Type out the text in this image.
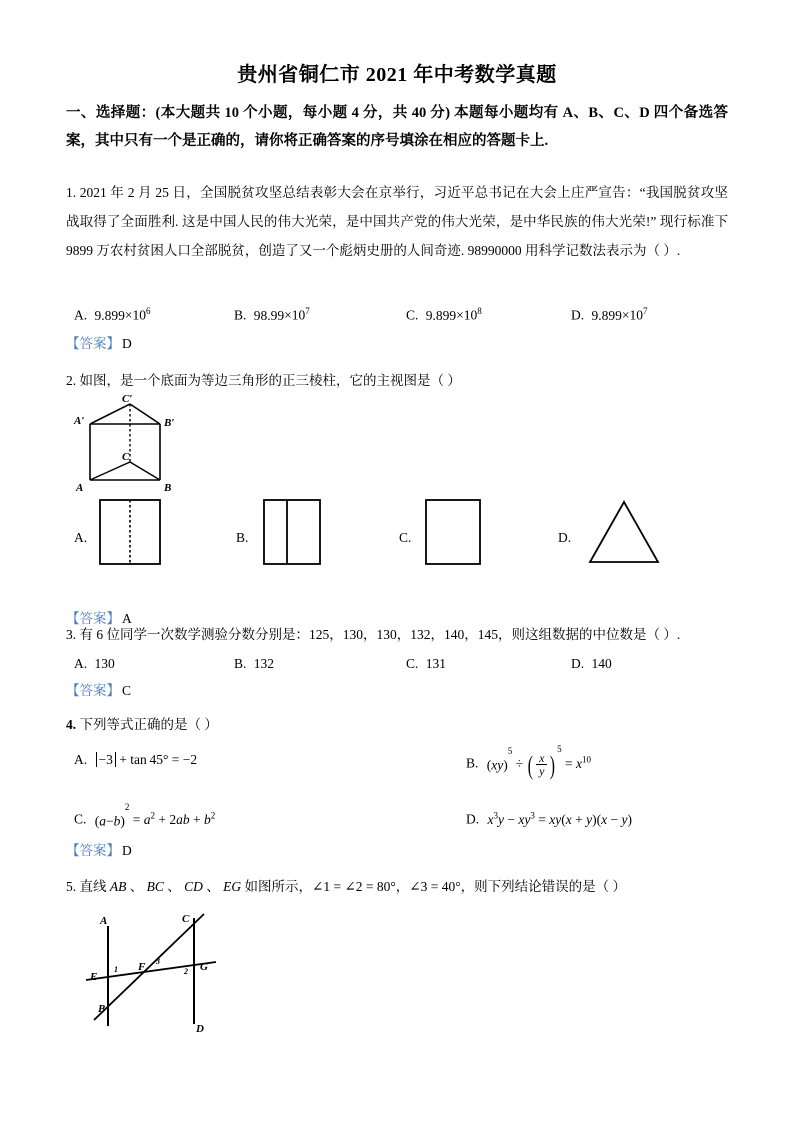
贵州省铜仁市 2021 年中考数学真题
一、选择题：(本大题共 10 个小题，每小题 4 分，共 40 分) 本题每小题均有 A、B、C、D 四个备选答案，其中只有一个是正确的，请你将正确答案的序号填涂在相应的答题卡上.
1. 2021 年 2 月 25 日，全国脱贫攻坚总结表彰大会在京举行，习近平总书记在大会上庄严宣告：“我国脱贫攻坚战取得了全面胜利. 这是中国人民的伟大光荣，是中国共产党的伟大光荣，是中华民族的伟大光荣!” 现行标准下 9899 万农村贫困人口全部脱贫，创造了又一个彪炳史册的人间奇迹. 98990000 用科学记数法表示为（ ）.
A. $9.899\times 10^6$	B. $98.99\times 10^7$	C. $9.899\times 10^8$	D. $9.899\times 10^7$
【答案】 D
2. 如图，是一个底面为等边三角形的正三棱柱，它的主视图是（ ）
A′	B′
C′
A	B
C
A.	B.	C.	D.
【答案】 A
3. 有 6 位同学一次数学测验分数分别是：125，130，130，132，140，145，则这组数据的中位数是（ ）.
A. 130	B. 132	C. 131	D. 140
【答案】 C
4. 下列等式正确的是（ ）
A. −3 + tan 45° = −2	B. (xy)$^5$ ÷ ( $\frac{x}{y} )^5 = x^{10}$
C. $(a-b)^2 = a^2 + 2ab + b^2$	D. $x^3y - xy^3 = xy(x + y)(x - y)$
【答案】 D
5. 直线 AB 、 BC 、 CD 、 EG 如图所示，∠1 = ∠2 = 80°，∠3 = 40°，则下列结论错误的是（ ）
A
B
C
D
E
F	G
1	2
3
